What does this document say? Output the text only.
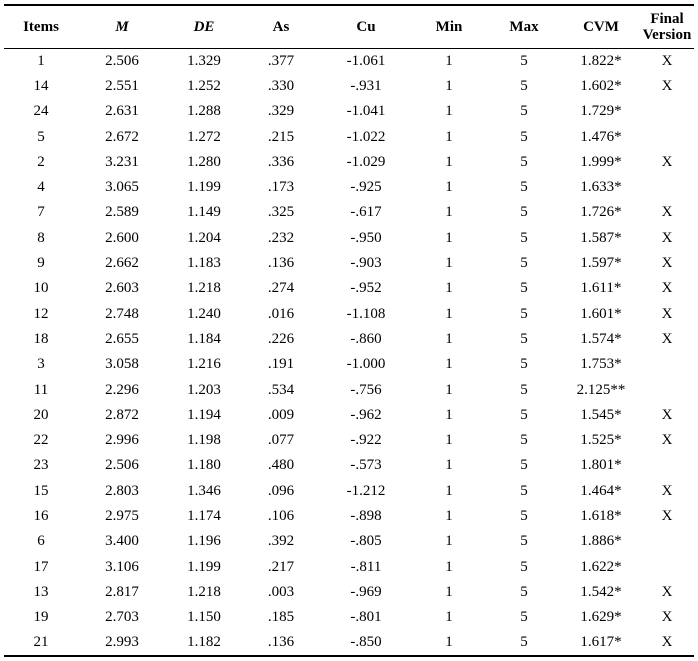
Items	M	DE	As	Cu	Min	Max	CVM	Final
Version

1	2.506	1.329	.377	-1.061	1	5	1.822*	X
14	2.551	1.252	.330	-.931	1	5	1.602*	X
24	2.631	1.288	.329	-1.041	1	5	1.729*	
5	2.672	1.272	.215	-1.022	1	5	1.476*	
2	3.231	1.280	.336	-1.029	1	5	1.999*	X
4	3.065	1.199	.173	-.925	1	5	1.633*	
7	2.589	1.149	.325	-.617	1	5	1.726*	X
8	2.600	1.204	.232	-.950	1	5	1.587*	X
9	2.662	1.183	.136	-.903	1	5	1.597*	X
10	2.603	1.218	.274	-.952	1	5	1.611*	X
12	2.748	1.240	.016	-1.108	1	5	1.601*	X
18	2.655	1.184	.226	-.860	1	5	1.574*	X
3	3.058	1.216	.191	-1.000	1	5	1.753*	
11	2.296	1.203	.534	-.756	1	5	2.125**	
20	2.872	1.194	.009	-.962	1	5	1.545*	X
22	2.996	1.198	.077	-.922	1	5	1.525*	X
23	2.506	1.180	.480	-.573	1	5	1.801*	
15	2.803	1.346	.096	-1.212	1	5	1.464*	X
16	2.975	1.174	.106	-.898	1	5	1.618*	X
6	3.400	1.196	.392	-.805	1	5	1.886*	
17	3.106	1.199	.217	-.811	1	5	1.622*	
13	2.817	1.218	.003	-.969	1	5	1.542*	X
19	2.703	1.150	.185	-.801	1	5	1.629*	X
21	2.993	1.182	.136	-.850	1	5	1.617*	X
